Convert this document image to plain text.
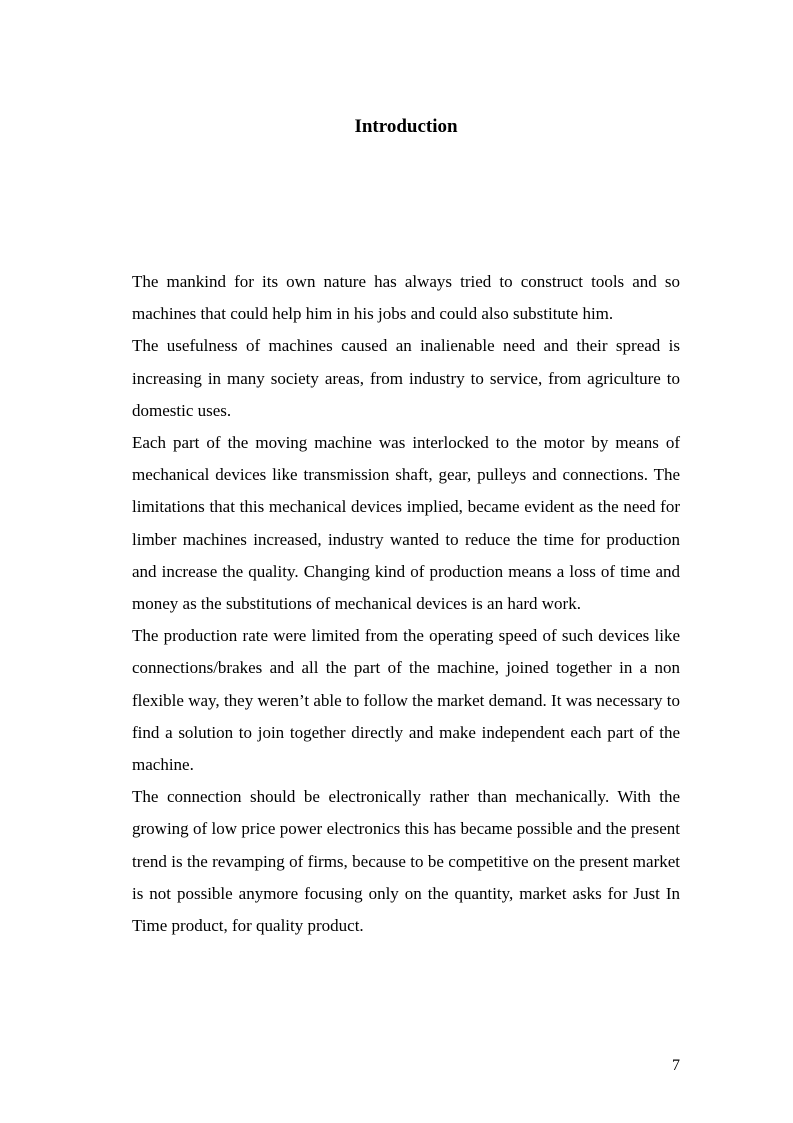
Introduction

The mankind for its own nature has always tried to construct tools and so machines that could help him in his jobs and could also substitute him.

The usefulness of machines caused an inalienable need and their spread is increasing in many society areas, from industry to service, from agriculture to domestic uses.

Each part of the moving machine was interlocked to the motor by means of mechanical devices like transmission shaft, gear, pulleys and connections. The limitations that this mechanical devices implied, became evident as the need for limber machines increased, industry wanted to reduce the time for production and increase the quality. Changing kind of production means a loss of time and money as the substitutions of mechanical devices is an hard work.

The production rate were limited from the operating speed of such devices like connections/brakes and all the part of the machine, joined together in a non flexible way, they weren’t able to follow the market demand. It was necessary to find a solution to join together directly and make independent each part of the machine.

The connection should be electronically rather than mechanically. With the growing of low price power electronics this has became possible and the present trend is the revamping of firms, because to be competitive on the present market is not possible anymore focusing only on the quantity, market asks for Just In Time product, for quality product.

7
